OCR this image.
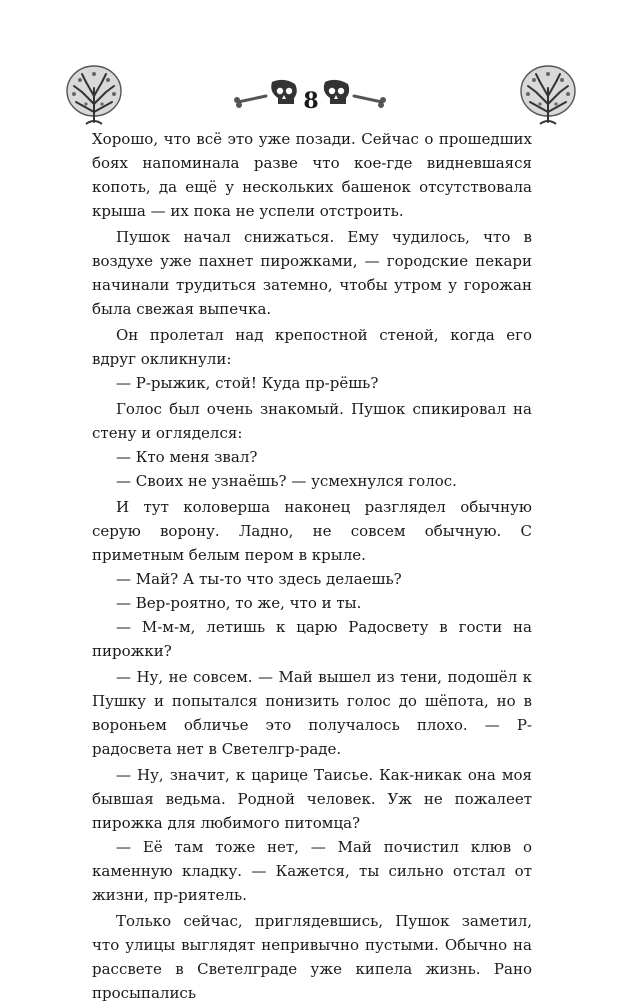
8

Хорошо, что всё это уже позади. Сейчас о прошедших боях напоминала разве что кое-где видневшаяся копоть, да ещё у нескольких башенок отсутствовала крыша — их пока не успели отстроить.

Пушок начал снижаться. Ему чудилось, что в воздухе уже пахнет пирожками, — городские пекари начинали трудиться затемно, чтобы утром у горожан была свежая выпечка.

Он пролетал над крепостной стеной, когда его вдруг окликнули:

— Р-рыжик, стой! Куда пр-рёшь?

Голос был очень знакомый. Пушок спикировал на стену и огляделся:

— Кто меня звал?

— Своих не узнаёшь? — усмехнулся голос.

И тут коловерша наконец разглядел обычную серую ворону. Ладно, не совсем обычную. С приметным белым пером в крыле.

— Май? А ты-то что здесь делаешь?

— Вер-роятно, то же, что и ты.

— М-м-м, летишь к царю Радосвету в гости на пирожки?

— Ну, не совсем. — Май вышел из тени, подошёл к Пушку и попытался понизить голос до шёпота, но в вороньем обличье это получалось плохо. — Р-радосвета нет в Светелгр-раде.

— Ну, значит, к царице Таисье. Как-никак она моя бывшая ведьма. Родной человек. Уж не пожалеет пирожка для любимого питомца?

— Её там тоже нет, — Май почистил клюв о каменную кладку. — Кажется, ты сильно отстал от жизни, пр-риятель.

Только сейчас, приглядевшись, Пушок заметил, что улицы выглядят непривычно пустыми. Обычно на рассвете в Светелграде уже кипела жизнь. Рано просыпались
